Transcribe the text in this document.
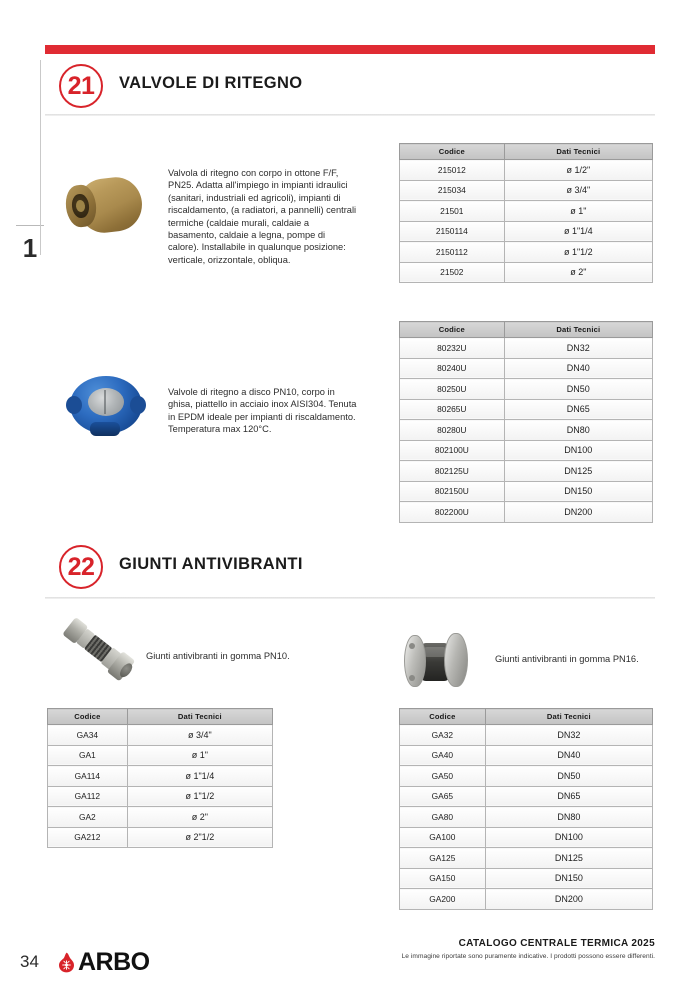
1
21	VALVOLE DI RITEGNO
Valvola di ritegno con corpo in ottone F/F, PN25. Adatta all'impiego in impianti idraulici (sanitari, industriali ed agricoli), impianti di riscaldamento, (a radiatori, a pannelli) centrali termiche (caldaie murali, caldaie a basamento, caldaie a legna, pompe di calore). Installabile in qualunque posizione: verticale, orizzontale, obliqua.
Codice	Dati Tecnici
215012	ø 1/2"
215034	ø 3/4"
21501	ø 1"
2150114	ø 1"1/4
2150112	ø 1"1/2
21502	ø 2"
Valvole di ritegno a disco PN10, corpo in ghisa, piattello in acciaio inox AISI304. Tenuta in EPDM ideale per impianti di riscaldamento. Temperatura max 120°C.
Codice	Dati Tecnici
80232U	DN32
80240U	DN40
80250U	DN50
80265U	DN65
80280U	DN80
802100U	DN100
802125U	DN125
802150U	DN150
802200U	DN200
22	GIUNTI ANTIVIBRANTI
Giunti antivibranti in gomma PN10.	Giunti antivibranti in gomma PN16.
Codice	Dati Tecnici
GA34	ø 3/4"
GA1	ø 1"
GA114	ø 1"1/4
GA112	ø 1"1/2
GA2	ø 2"
GA212	ø 2"1/2
Codice	Dati Tecnici
GA32	DN32
GA40	DN40
GA50	DN50
GA65	DN65
GA80	DN80
GA100	DN100
GA125	DN125
GA150	DN150
GA200	DN200
34 ARBO
CATALOGO CENTRALE TERMICA 2025
Le immagine riportate sono puramente indicative. I prodotti possono essere differenti.
